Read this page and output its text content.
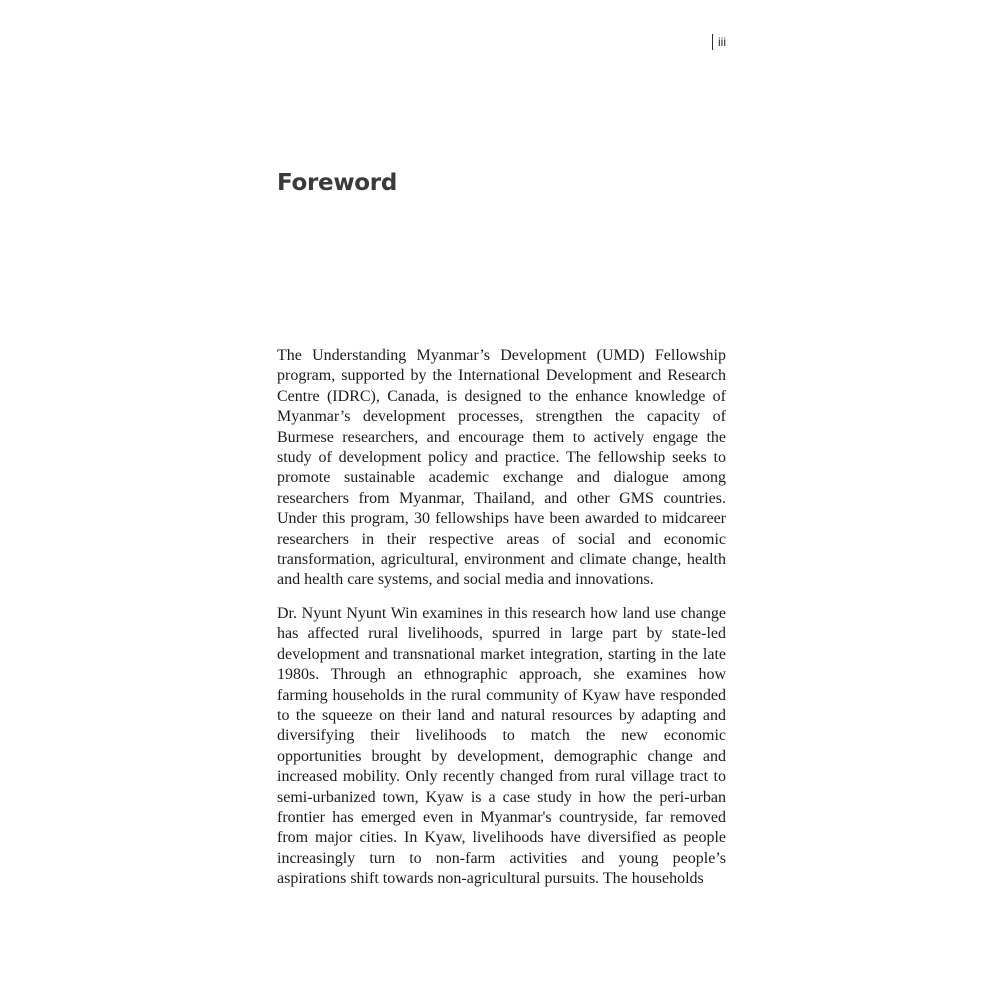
iii
Foreword

The Understanding Myanmar’s Development (UMD) Fellowship program, supported by the International Development and Research Centre (IDRC), Canada, is designed to the enhance knowledge of Myanmar’s development processes, strengthen the capacity of Burmese researchers, and encourage them to actively engage the study of development policy and practice. The fellowship seeks to promote sustainable academic exchange and dialogue among researchers from Myanmar, Thailand, and other GMS countries. Under this program, 30 fellowships have been awarded to midcareer researchers in their respective areas of social and economic transformation, agricultural, environment and climate change, health and health care systems, and social media and innovations.

Dr. Nyunt Nyunt Win examines in this research how land use change has affected rural livelihoods, spurred in large part by state-led development and transnational market integration, starting in the late 1980s. Through an ethnographic approach, she examines how farming households in the rural community of Kyaw have responded to the squeeze on their land and natural resources by adapting and diversifying their livelihoods to match the new economic opportunities brought by development, demographic change and increased mobility. Only recently changed from rural village tract to semi-urbanized town, Kyaw is a case study in how the peri-urban frontier has emerged even in Myanmar's countryside, far removed from major cities. In Kyaw, livelihoods have diversified as people increasingly turn to non-farm activities and young people’s aspirations shift towards non-agricultural pursuits. The households
